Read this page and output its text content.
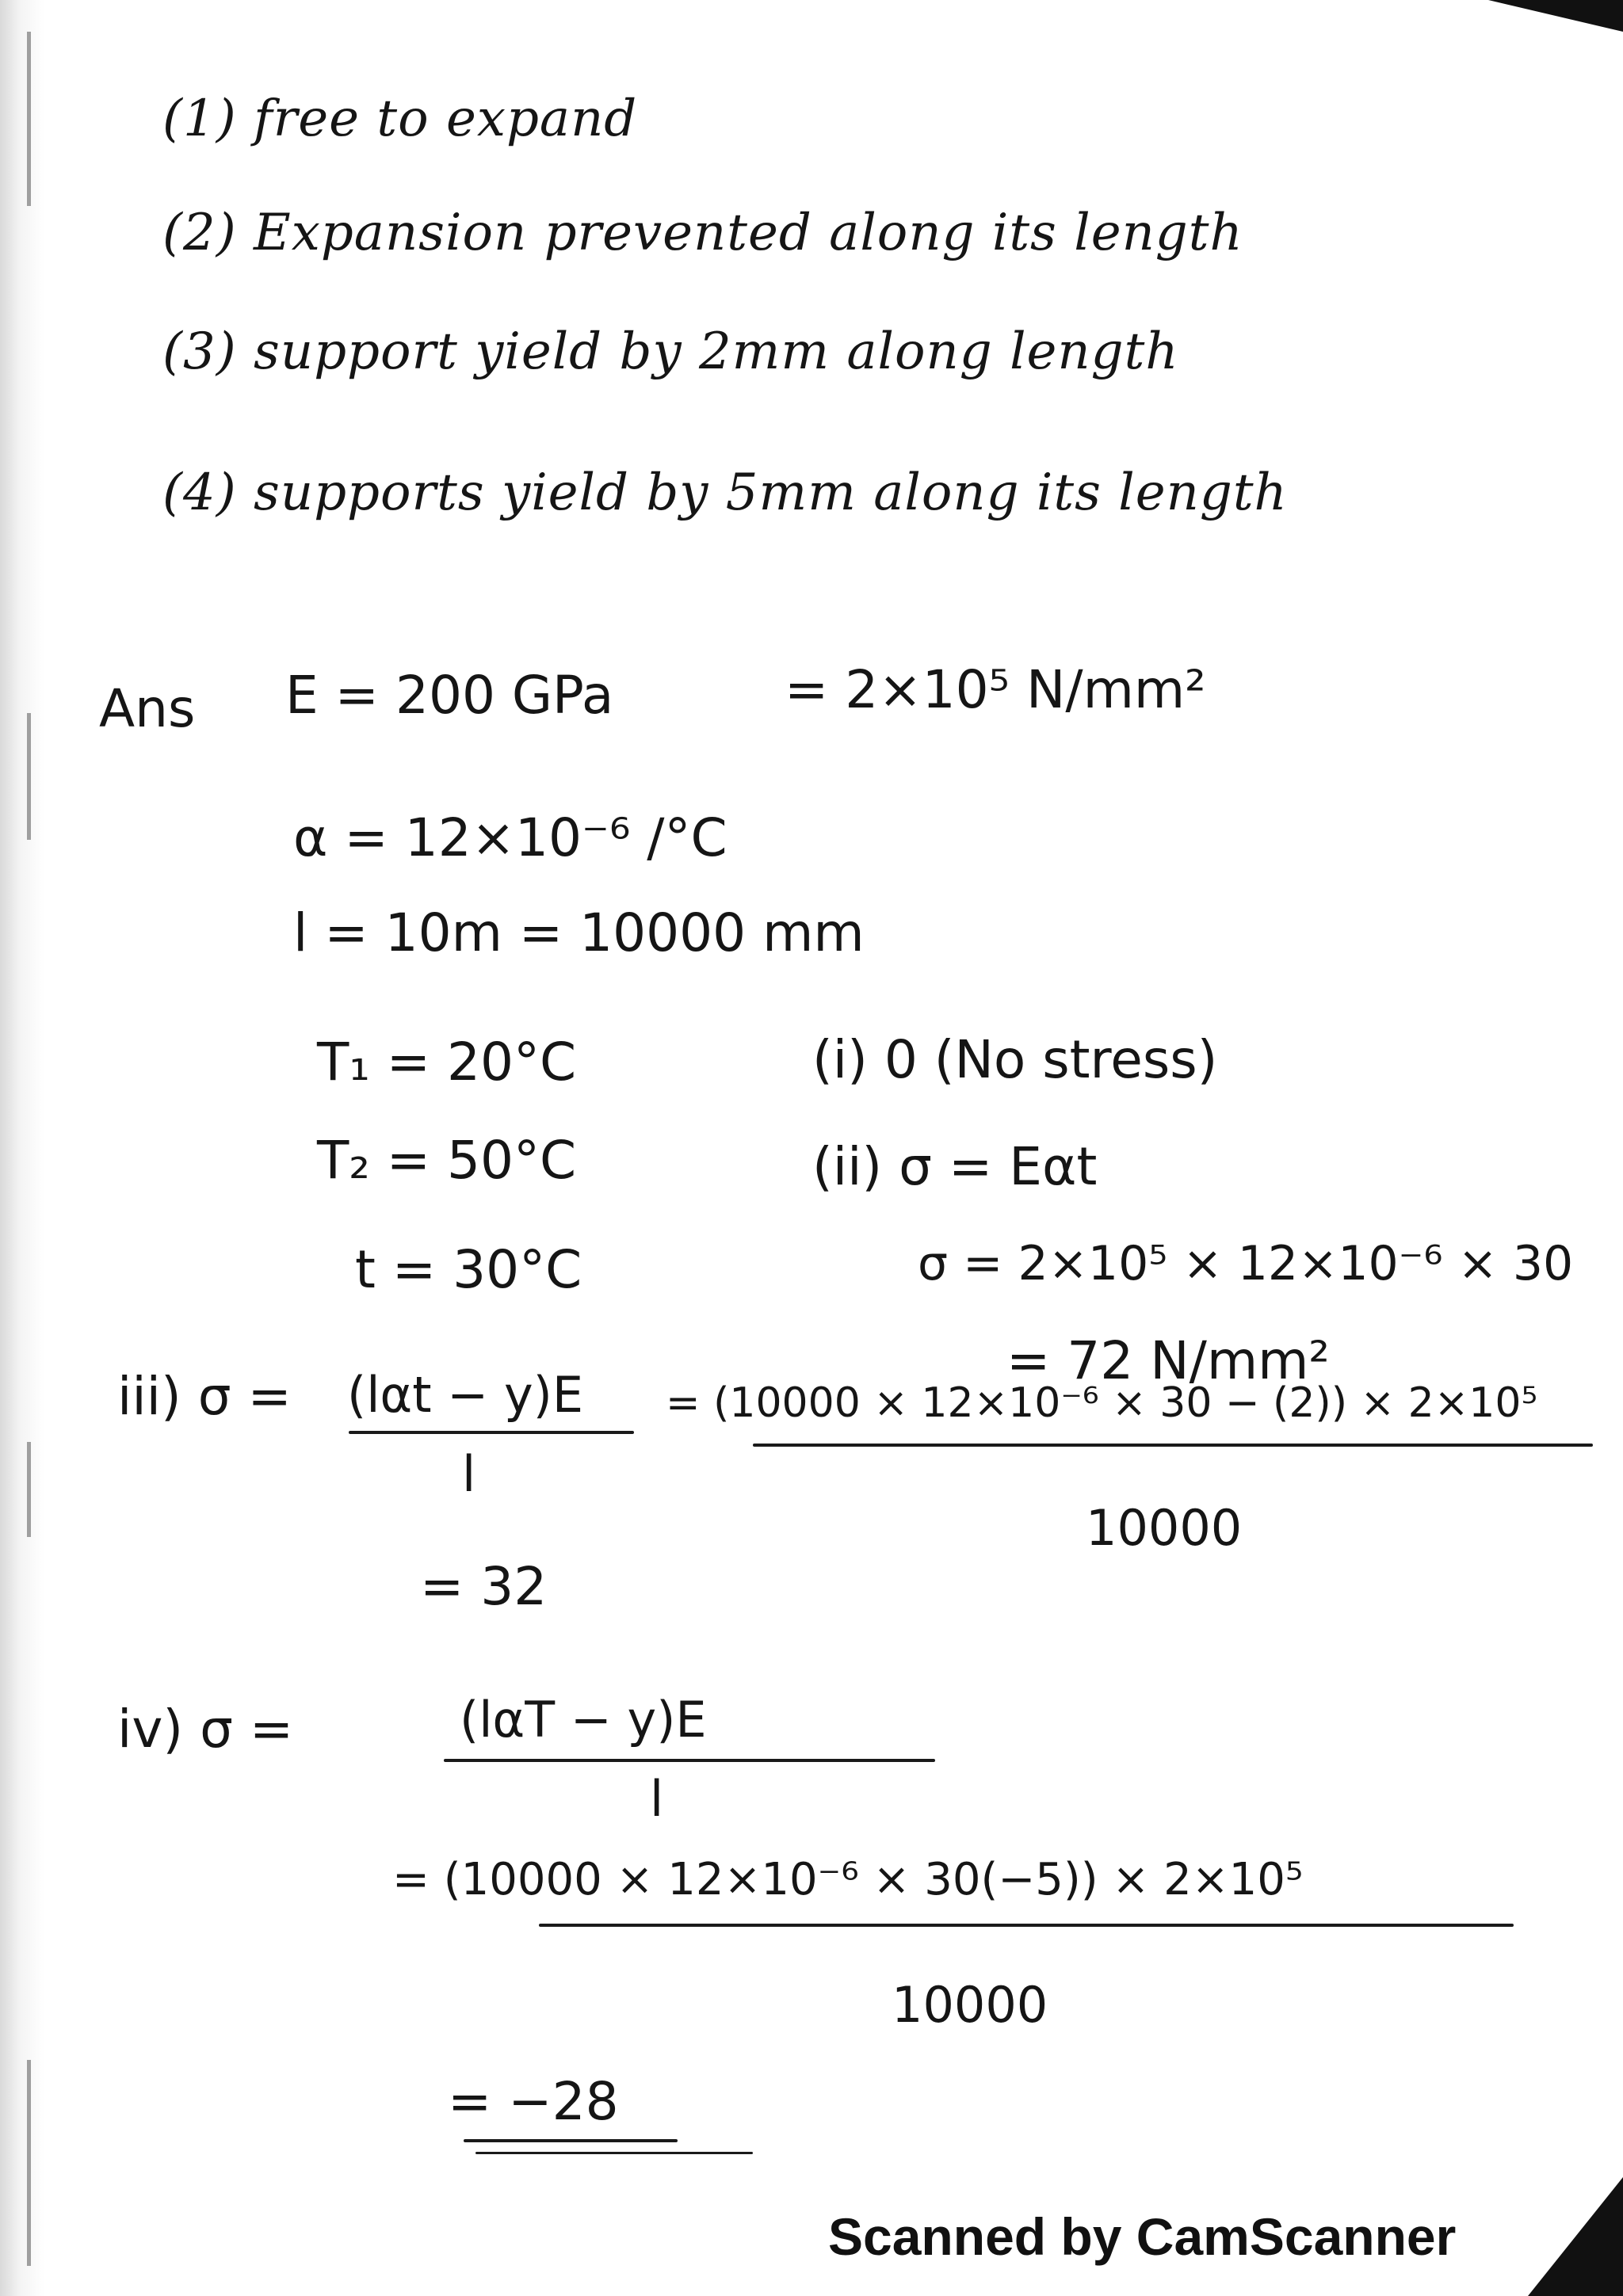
(1) free to expand
(2) Expansion prevented along its length
(3) support yield by 2mm along length
(4) supports yield by 5mm along its length
Ans E = 200 GPa	= 2×10⁵ N/mm²
α = 12×10⁻⁶ /°C
l = 10m = 10000 mm
T₁ = 20°C
T₂ = 50°C
t = 30°C
(i) 0 (No stress)
(ii) σ = Eαt
σ = 2×10⁵ × 12×10⁻⁶ × 30
= 72 N/mm²
iii) σ = (lαt − y)E
l
= (10000 × 12×10⁻⁶ × 30 − (2)) × 2×10⁵
10000
= 32
iv) σ =	(lαT − y)E
l
= (10000 × 12×10⁻⁶ × 30(−5)) × 2×10⁵
10000
= −28
Scanned by CamScanner
